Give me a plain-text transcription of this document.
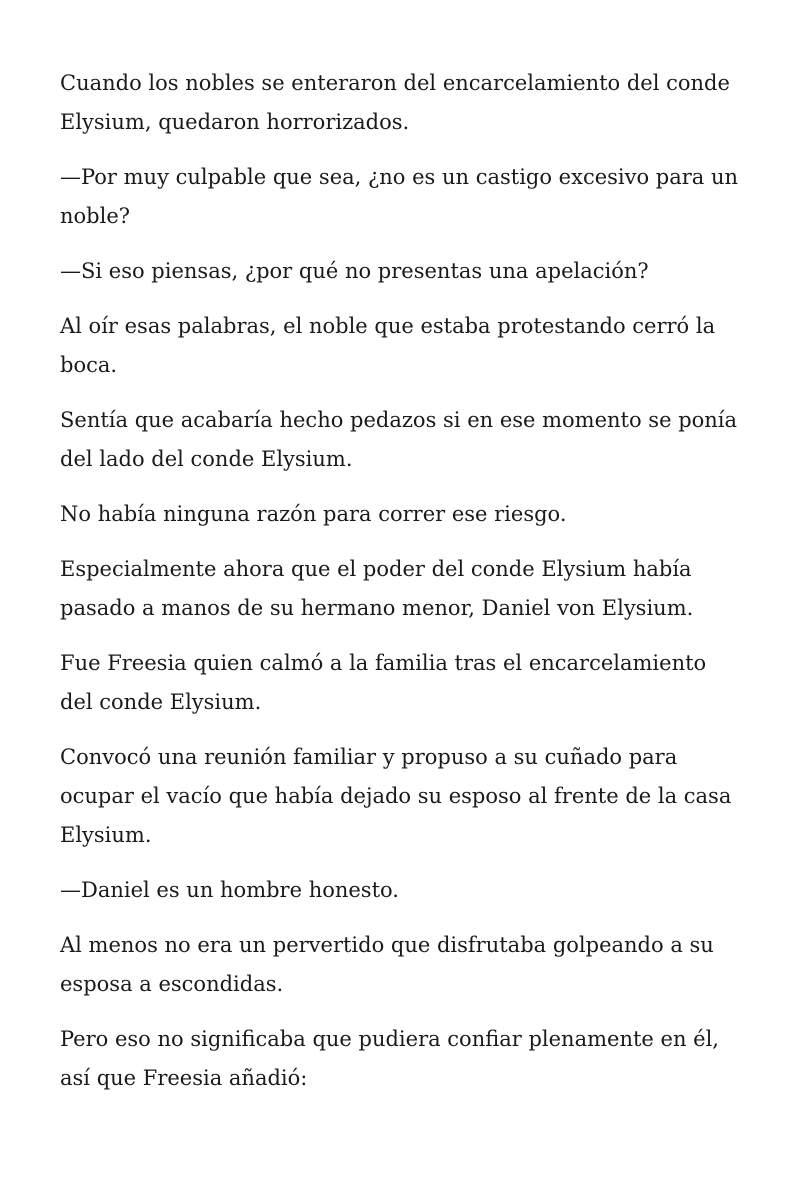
Cuando los nobles se enteraron del encarcelamiento del conde Elysium, quedaron horrorizados.

—Por muy culpable que sea, ¿no es un castigo excesivo para un noble?

—Si eso piensas, ¿por qué no presentas una apelación?

Al oír esas palabras, el noble que estaba protestando cerró la boca.

Sentía que acabaría hecho pedazos si en ese momento se ponía del lado del conde Elysium.

No había ninguna razón para correr ese riesgo.

Especialmente ahora que el poder del conde Elysium había pasado a manos de su hermano menor, Daniel von Elysium.

Fue Freesia quien calmó a la familia tras el encarcelamiento del conde Elysium.

Convocó una reunión familiar y propuso a su cuñado para ocupar el vacío que había dejado su esposo al frente de la casa Elysium.

—Daniel es un hombre honesto.

Al menos no era un pervertido que disfrutaba golpeando a su esposa a escondidas.

Pero eso no significaba que pudiera confiar plenamente en él, así que Freesia añadió:
